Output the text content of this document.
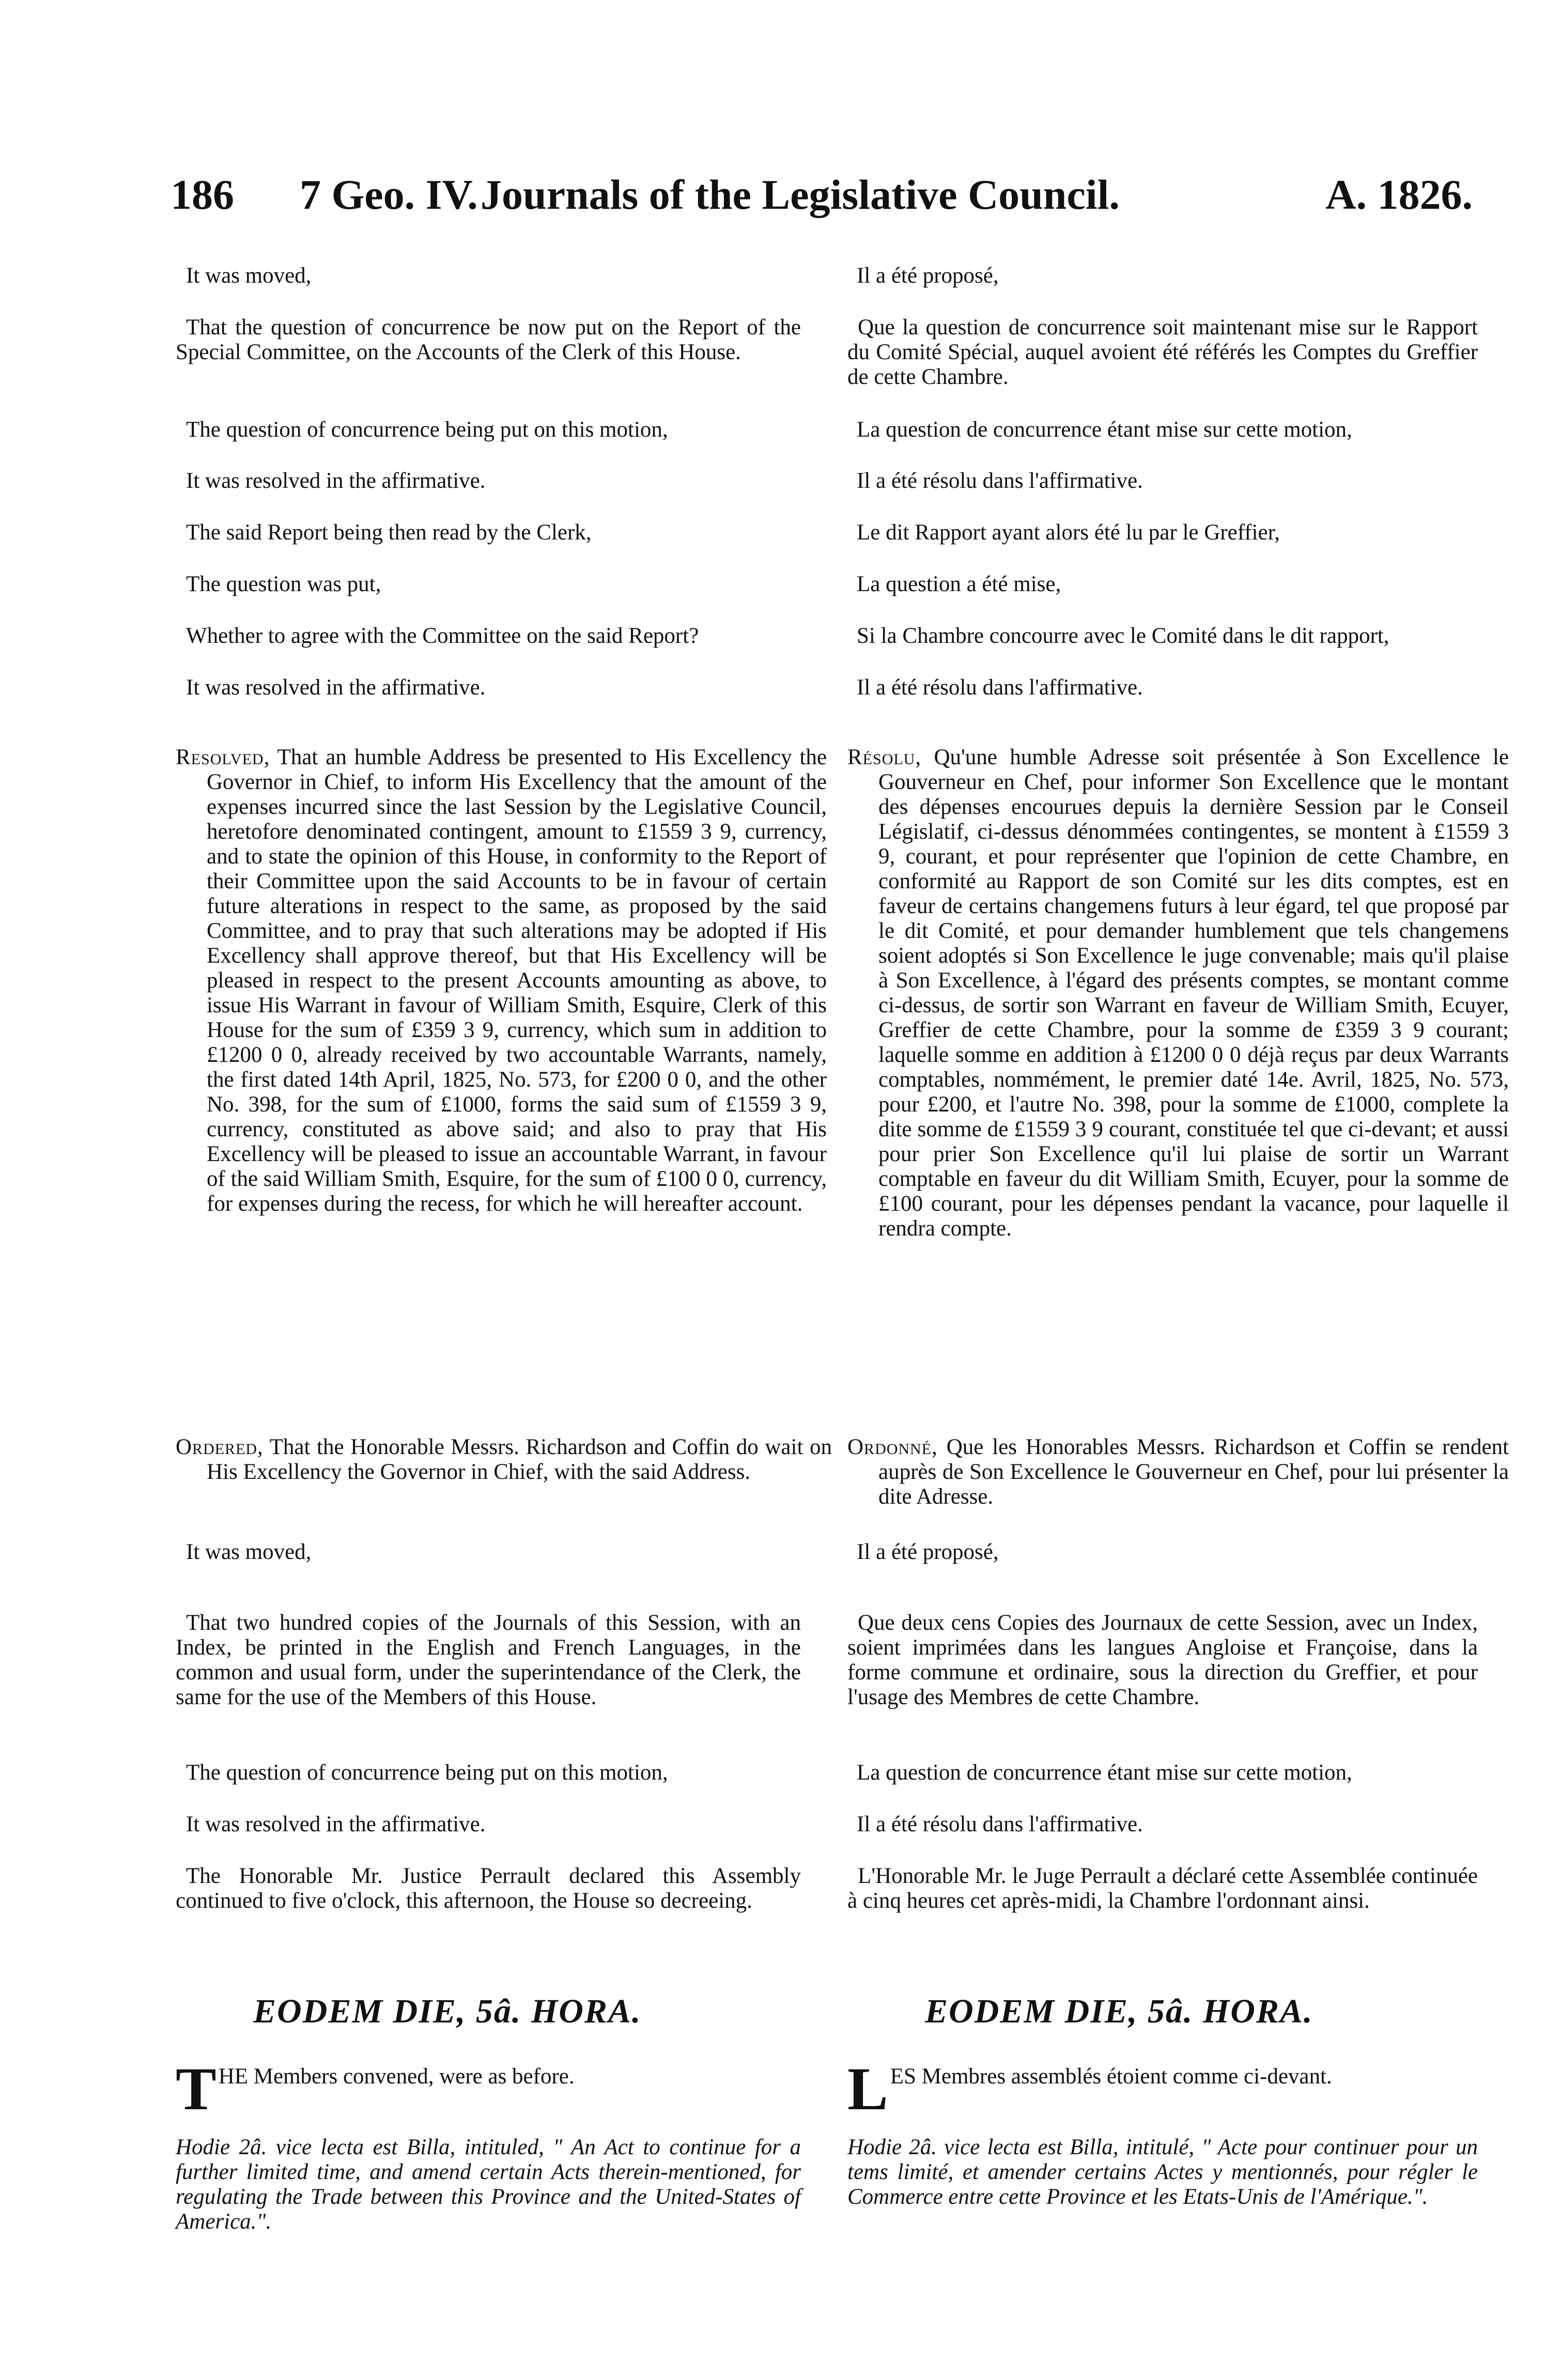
186	7 Geo. IV. Journals of the Legislative Council.	A. 1826.
It was moved,
That the question of concurrence be now put on the Report of the Special Committee, on the Accounts of the Clerk of this House.
The question of concurrence being put on this motion,
It was resolved in the affirmative.
The said Report being then read by the Clerk,
The question was put,
Whether to agree with the Committee on the said Report?
It was resolved in the affirmative.
Resolved, That an humble Address be presented to His Excellency the Governor in Chief, to inform His Excellency that the amount of the expenses incurred since the last Session by the Legislative Council, heretofore denominated contingent, amount to £1559 3 9, currency, and to state the opinion of this House, in conformity to the Report of their Committee upon the said Accounts to be in favour of certain future alterations in respect to the same, as proposed by the said Committee, and to pray that such alterations may be adopted if His Excellency shall approve thereof, but that His Excellency will be pleased in respect to the present Accounts amounting as above, to issue His Warrant in favour of William Smith, Esquire, Clerk of this House for the sum of £359 3 9, currency, which sum in addition to £1200 0 0, already received by two accountable Warrants, namely, the first dated 14th April, 1825, No. 573, for £200 0 0, and the other No. 398, for the sum of £1000, forms the said sum of £1559 3 9, currency, constituted as above said; and also to pray that His Excellency will be pleased to issue an accountable Warrant, in favour of the said William Smith, Esquire, for the sum of £100 0 0, currency, for expenses during the recess, for which he will hereafter account.
Ordered, That the Honorable Messrs. Richardson and Coffin do wait on His Excellency the Governor in Chief, with the said Address.
It was moved,
That two hundred copies of the Journals of this Session, with an Index, be printed in the English and French Languages, in the common and usual form, under the superintendance of the Clerk, the same for the use of the Members of this House.
The question of concurrence being put on this motion,
It was resolved in the affirmative.
The Honorable Mr. Justice Perrault declared this Assembly continued to five o'clock, this afternoon, the House so decreeing.
EODEM DIE, 5â. HORA.
T HE Members convened, were as before.
Hodie 2â. vice lecta est Billa, intituled, " An Act to continue for a further limited time, and amend certain Acts therein-mentioned, for regulating the Trade between this Province and the United-States of America.".
Il a été proposé,
Que la question de concurrence soit maintenant mise sur le Rapport du Comité Spécial, auquel avoient été référés les Comptes du Greffier de cette Chambre.
La question de concurrence étant mise sur cette motion,
Il a été résolu dans l'affirmative.
Le dit Rapport ayant alors été lu par le Greffier,
La question a été mise,
Si la Chambre concourre avec le Comité dans le dit rapport,
Il a été résolu dans l'affirmative.
Résolu, Qu'une humble Adresse soit présentée à Son Excellence le Gouverneur en Chef, pour informer Son Excellence que le montant des dépenses encourues depuis la dernière Session par le Conseil Législatif, ci-dessus dénommées contingentes, se montent à £1559 3 9, courant, et pour représenter que l'opinion de cette Chambre, en conformité au Rapport de son Comité sur les dits comptes, est en faveur de certains changemens futurs à leur égard, tel que proposé par le dit Comité, et pour demander humblement que tels changemens soient adoptés si Son Excellence le juge convenable; mais qu'il plaise à Son Excellence, à l'égard des présents comptes, se montant comme ci-dessus, de sortir son Warrant en faveur de William Smith, Ecuyer, Greffier de cette Chambre, pour la somme de £359 3 9 courant; laquelle somme en addition à £1200 0 0 déjà reçus par deux Warrants comptables, nommément, le premier daté 14e. Avril, 1825, No. 573, pour £200, et l'autre No. 398, pour la somme de £1000, complete la dite somme de £1559 3 9 courant, constituée tel que ci-devant; et aussi pour prier Son Excellence qu'il lui plaise de sortir un Warrant comptable en faveur du dit William Smith, Ecuyer, pour la somme de £100 courant, pour les dépenses pendant la vacance, pour laquelle il rendra compte.
Ordonné, Que les Honorables Messrs. Richardson et Coffin se rendent auprès de Son Excellence le Gouverneur en Chef, pour lui présenter la dite Adresse.
Il a été proposé,
Que deux cens Copies des Journaux de cette Session, avec un Index, soient imprimées dans les langues Angloise et Françoise, dans la forme commune et ordinaire, sous la direction du Greffier, et pour l'usage des Membres de cette Chambre.
La question de concurrence étant mise sur cette motion,
Il a été résolu dans l'affirmative.
L'Honorable Mr. le Juge Perrault a déclaré cette Assemblée continuée à cinq heures cet après-midi, la Chambre l'ordonnant ainsi.
EODEM DIE, 5â. HORA.
L ES Membres assemblés étoient comme ci-devant.
Hodie 2â. vice lecta est Billa, intitulé, " Acte pour continuer pour un tems limité, et amender certains Actes y mentionnés, pour régler le Commerce entre cette Province et les Etats-Unis de l'Amérique.".
